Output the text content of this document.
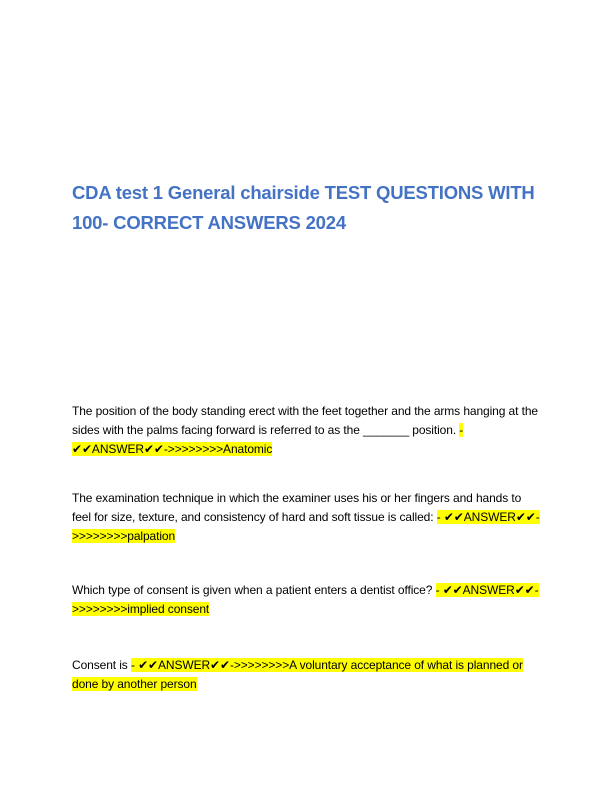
CDA test 1 General chairside TEST QUESTIONS WITH 100- CORRECT ANSWERS 2024

The position of the body standing erect with the feet together and the arms hanging at the sides with the palms facing forward is referred to as the _______ position. - ✔✔ANSWER✔✔->>>>>>>>Anatomic

The examination technique in which the examiner uses his or her fingers and hands to feel for size, texture, and consistency of hard and soft tissue is called: - ✔✔ANSWER✔✔->>>>>>>>palpation

Which type of consent is given when a patient enters a dentist office? - ✔✔ANSWER✔✔->>>>>>>>implied consent

Consent is - ✔✔ANSWER✔✔->>>>>>>>A voluntary acceptance of what is planned or done by another person
